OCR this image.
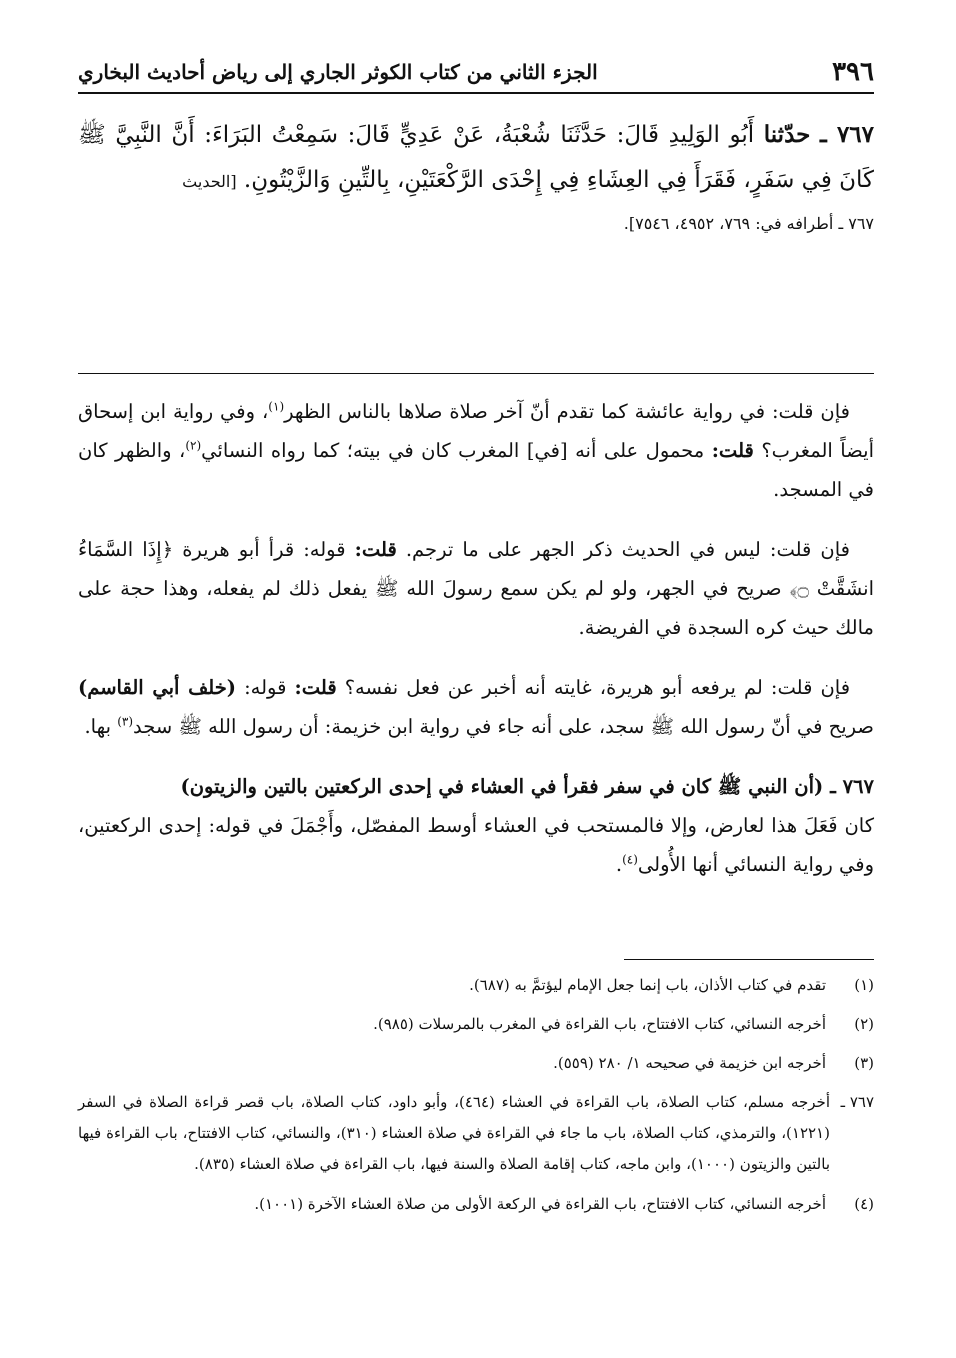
٣٩٦
الجزء الثاني من كتاب الكوثر الجاري إلى رياض أحاديث البخاري

٧٦٧ ـ حدّثنا أَبُو الوَلِيدِ قَالَ: حَدَّثَنَا شُعْبَةُ، عَنْ عَدِيٍّ قَالَ: سَمِعْتُ البَرَاءَ: أَنَّ النَّبِيَّ ﷺ كَانَ فِي سَفَرٍ، فَقَرَأَ فِي العِشَاءِ فِي إِحْدَى الرَّكْعَتَيْنِ، بِالتِّينِ وَالزَّيْتُونِ. [الحديث

٧٦٧ ـ أطرافه في: ٧٦٩، ٤٩٥٢، ٧٥٤٦].

فإن قلت: في رواية عائشة كما تقدم أنّ آخر صلاة صلاها بالناس الظهر$^{(١)}$، وفي رواية ابن إسحاق أيضاً المغرب؟ قلت: محمول على أنه [في] المغرب كان في بيته؛ كما رواه النسائي$^{(٢)}$، والظهر كان في المسجد.

فإن قلت: ليس في الحديث ذكر الجهر على ما ترجم. قلت: قوله: قرأ أبو هريرة ﴿إِذَا السَّمَاءُ انشَقَّتْ ۝﴾ صريح في الجهر، ولو لم يكن سمع رسولَ الله ﷺ يفعل ذلك لم يفعله، وهذا حجة على مالك حيث كره السجدة في الفريضة.

فإن قلت: لم يرفعه أبو هريرة، غايته أنه أخبر عن فعل نفسه؟ قلت: قوله: (خلف أبي القاسم) صريح في أنّ رسول الله ﷺ سجد، على أنه جاء في رواية ابن خزيمة: أن رسول الله ﷺ سجد$^{(٣)}$ بها.

٧٦٧ ـ (أن النبي ﷺ كان في سفر فقرأ في العشاء في إحدى الركعتين بالتين والزيتون)
كان فَعَلَ هذا لعارض، وإلا فالمستحب في العشاء أوسط المفصّل، وأَجْمَلَ في قوله: إحدى الركعتين، وفي رواية النسائي أنها الأُولى$^{(٤)}$.

(١)
تقدم في كتاب الأذان، باب إنما جعل الإمام ليؤتمَّ به (٦٨٧).
(٢)
أخرجه النسائي، كتاب الافتتاح، باب القراءة في المغرب بالمرسلات (٩٨٥).
(٣)
أخرجه ابن خزيمة في صحيحه ١/ ٢٨٠ (٥٥٩).
٧٦٧ ـ
أخرجه مسلم، كتاب الصلاة، باب القراءة في العشاء (٤٦٤)، وأبو داود، كتاب الصلاة، باب قصر قراءة الصلاة في السفر (١٢٢١)، والترمذي، كتاب الصلاة، باب ما جاء في القراءة في صلاة العشاء (٣١٠)، والنسائي، كتاب الافتتاح، باب القراءة فيها بالتين والزيتون (١٠٠٠)، وابن ماجه، كتاب إقامة الصلاة والسنة فيها، باب القراءة في صلاة العشاء (٨٣٥).
(٤)
أخرجه النسائي، كتاب الافتتاح، باب القراءة في الركعة الأولى من صلاة العشاء الآخرة (١٠٠١).
